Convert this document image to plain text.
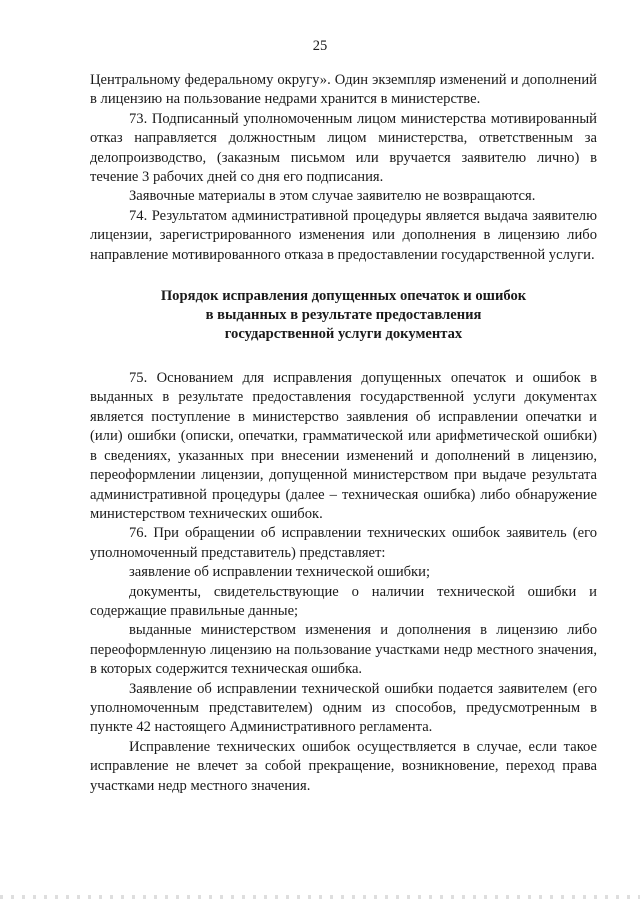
25

Центральному федеральному округу». Один экземпляр изменений и дополнений в лицензию на пользование недрами хранится в министерстве.

73. Подписанный уполномоченным лицом министерства мотивированный отказ направляется должностным лицом министерства, ответственным за делопроизводство, (заказным письмом или вручается заявителю лично) в течение 3 рабочих дней со дня его подписания.

Заявочные материалы в этом случае заявителю не возвращаются.

74. Результатом административной процедуры является выдача заявителю лицензии, зарегистрированного изменения или дополнения в лицензию либо направление мотивированного отказа в предоставлении государственной услуги.

Порядок исправления допущенных опечаток и ошибок
в выданных в результате предоставления
государственной услуги документах

75. Основанием для исправления допущенных опечаток и ошибок в выданных в результате предоставления государственной услуги документах является поступление в министерство заявления об исправлении опечатки и (или) ошибки (описки, опечатки, грамматической или арифметической ошибки) в сведениях, указанных при внесении изменений и дополнений в лицензию, переоформлении лицензии, допущенной министерством при выдаче результата административной процедуры (далее – техническая ошибка) либо обнаружение министерством технических ошибок.

76. При обращении об исправлении технических ошибок заявитель (его уполномоченный представитель) представляет:

заявление об исправлении технической ошибки;

документы, свидетельствующие о наличии технической ошибки и содержащие правильные данные;

выданные министерством изменения и дополнения в лицензию либо переоформленную лицензию на пользование участками недр местного значения, в которых содержится техническая ошибка.

Заявление об исправлении технической ошибки подается заявителем (его уполномоченным представителем) одним из способов, предусмотренным в пункте 42 настоящего Административного регламента.

Исправление технических ошибок осуществляется в случае, если такое исправление не влечет за собой прекращение, возникновение, переход права участками недр местного значения.
